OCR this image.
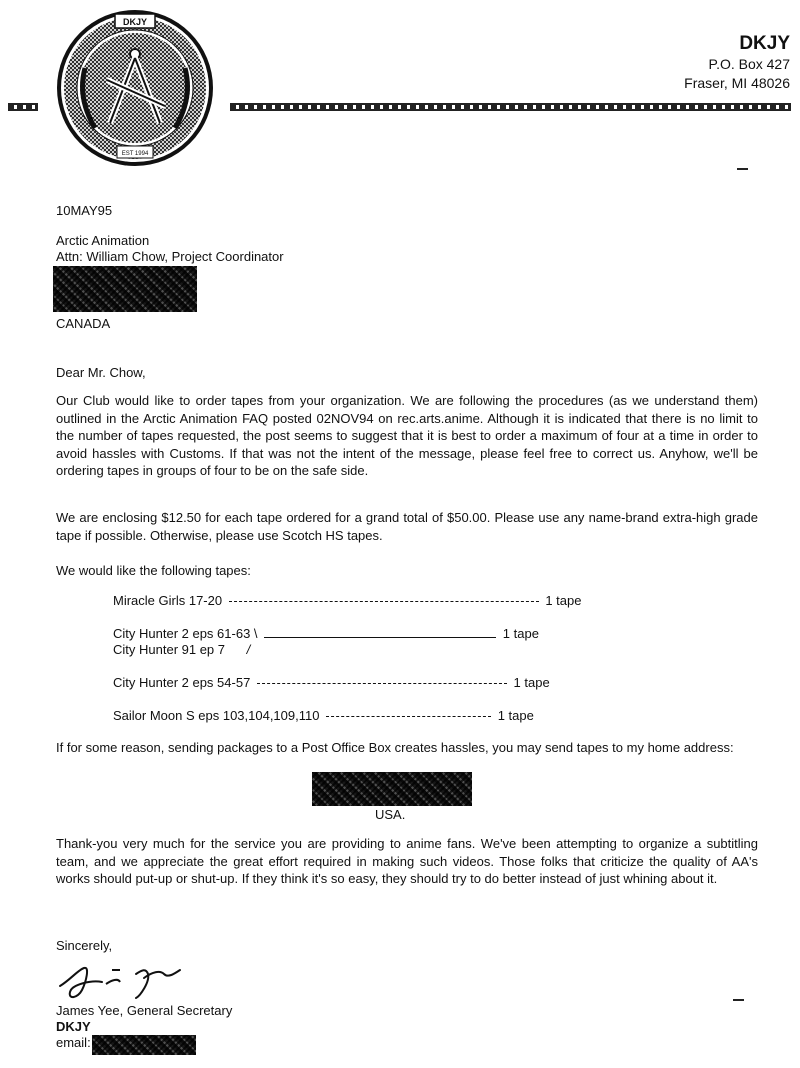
DKJY
EST 1994
DKJY
P.O. Box 427
Fraser, MI 48026
10MAY95
Arctic Animation
Attn: William Chow, Project Coordinator
CANADA
Dear Mr. Chow,
Our Club would like to order tapes from your organization. We are following the procedures (as we understand them) outlined in the Arctic Animation FAQ posted 02NOV94 on rec.arts.anime. Although it is indicated that there is no limit to the number of tapes requested, the post seems to suggest that it is best to order a maximum of four at a time in order to avoid hassles with Customs. If that was not the intent of the message, please feel free to correct us. Anyhow, we'll be ordering tapes in groups of four to be on the safe side.
We are enclosing $12.50 for each tape ordered for a grand total of $50.00. Please use any name-brand extra-high grade tape if possible. Otherwise, please use Scotch HS tapes.
We would like the following tapes:
Miracle Girls 17-20	1 tape
City Hunter 2 eps 61-63 \	1 tape
City Hunter 91 ep 7 /
City Hunter 2 eps 54-57	1 tape
Sailor Moon S eps 103,104,109,110	1 tape
If for some reason, sending packages to a Post Office Box creates hassles, you may send tapes to my home address:
USA.
Thank-you very much for the service you are providing to anime fans. We've been attempting to organize a subtitling team, and we appreciate the great effort required in making such videos. Those folks that criticize the quality of AA's works should put-up or shut-up. If they think it's so easy, they should try to do better instead of just whining about it.
Sincerely,
James Yee, General Secretary
DKJY
email:
